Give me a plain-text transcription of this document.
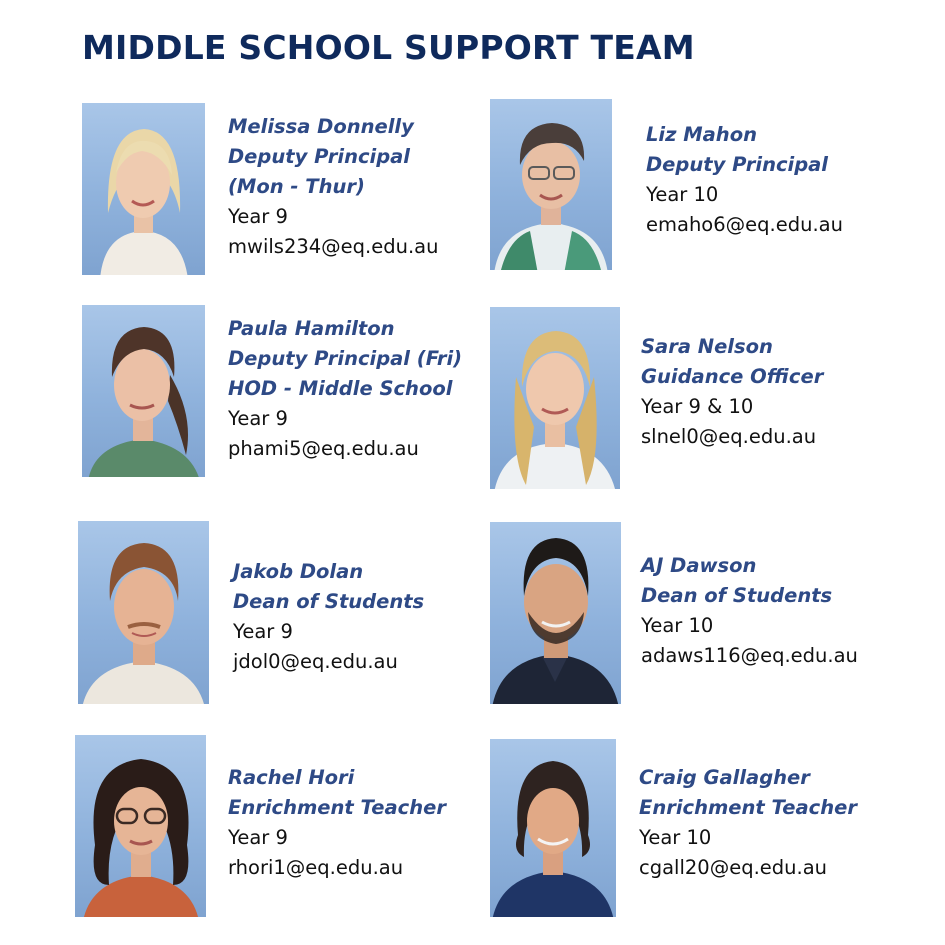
MIDDLE SCHOOL SUPPORT TEAM
Melissa Donnelly
Deputy Principal
(Mon - Thur)
Year 9
mwils234@eq.edu.au
Liz Mahon
Deputy Principal
Year 10
emaho6@eq.edu.au
Paula Hamilton
Deputy Principal (Fri)
HOD - Middle School
Year 9
phami5@eq.edu.au
Sara Nelson
Guidance Officer
Year 9 & 10
slnel0@eq.edu.au
Jakob Dolan
Dean of Students
Year 9
jdol0@eq.edu.au
AJ Dawson
Dean of Students
Year 10
adaws116@eq.edu.au
Rachel Hori
Enrichment Teacher
Year 9
rhori1@eq.edu.au
Craig Gallagher
Enrichment Teacher
Year 10
cgall20@eq.edu.au
